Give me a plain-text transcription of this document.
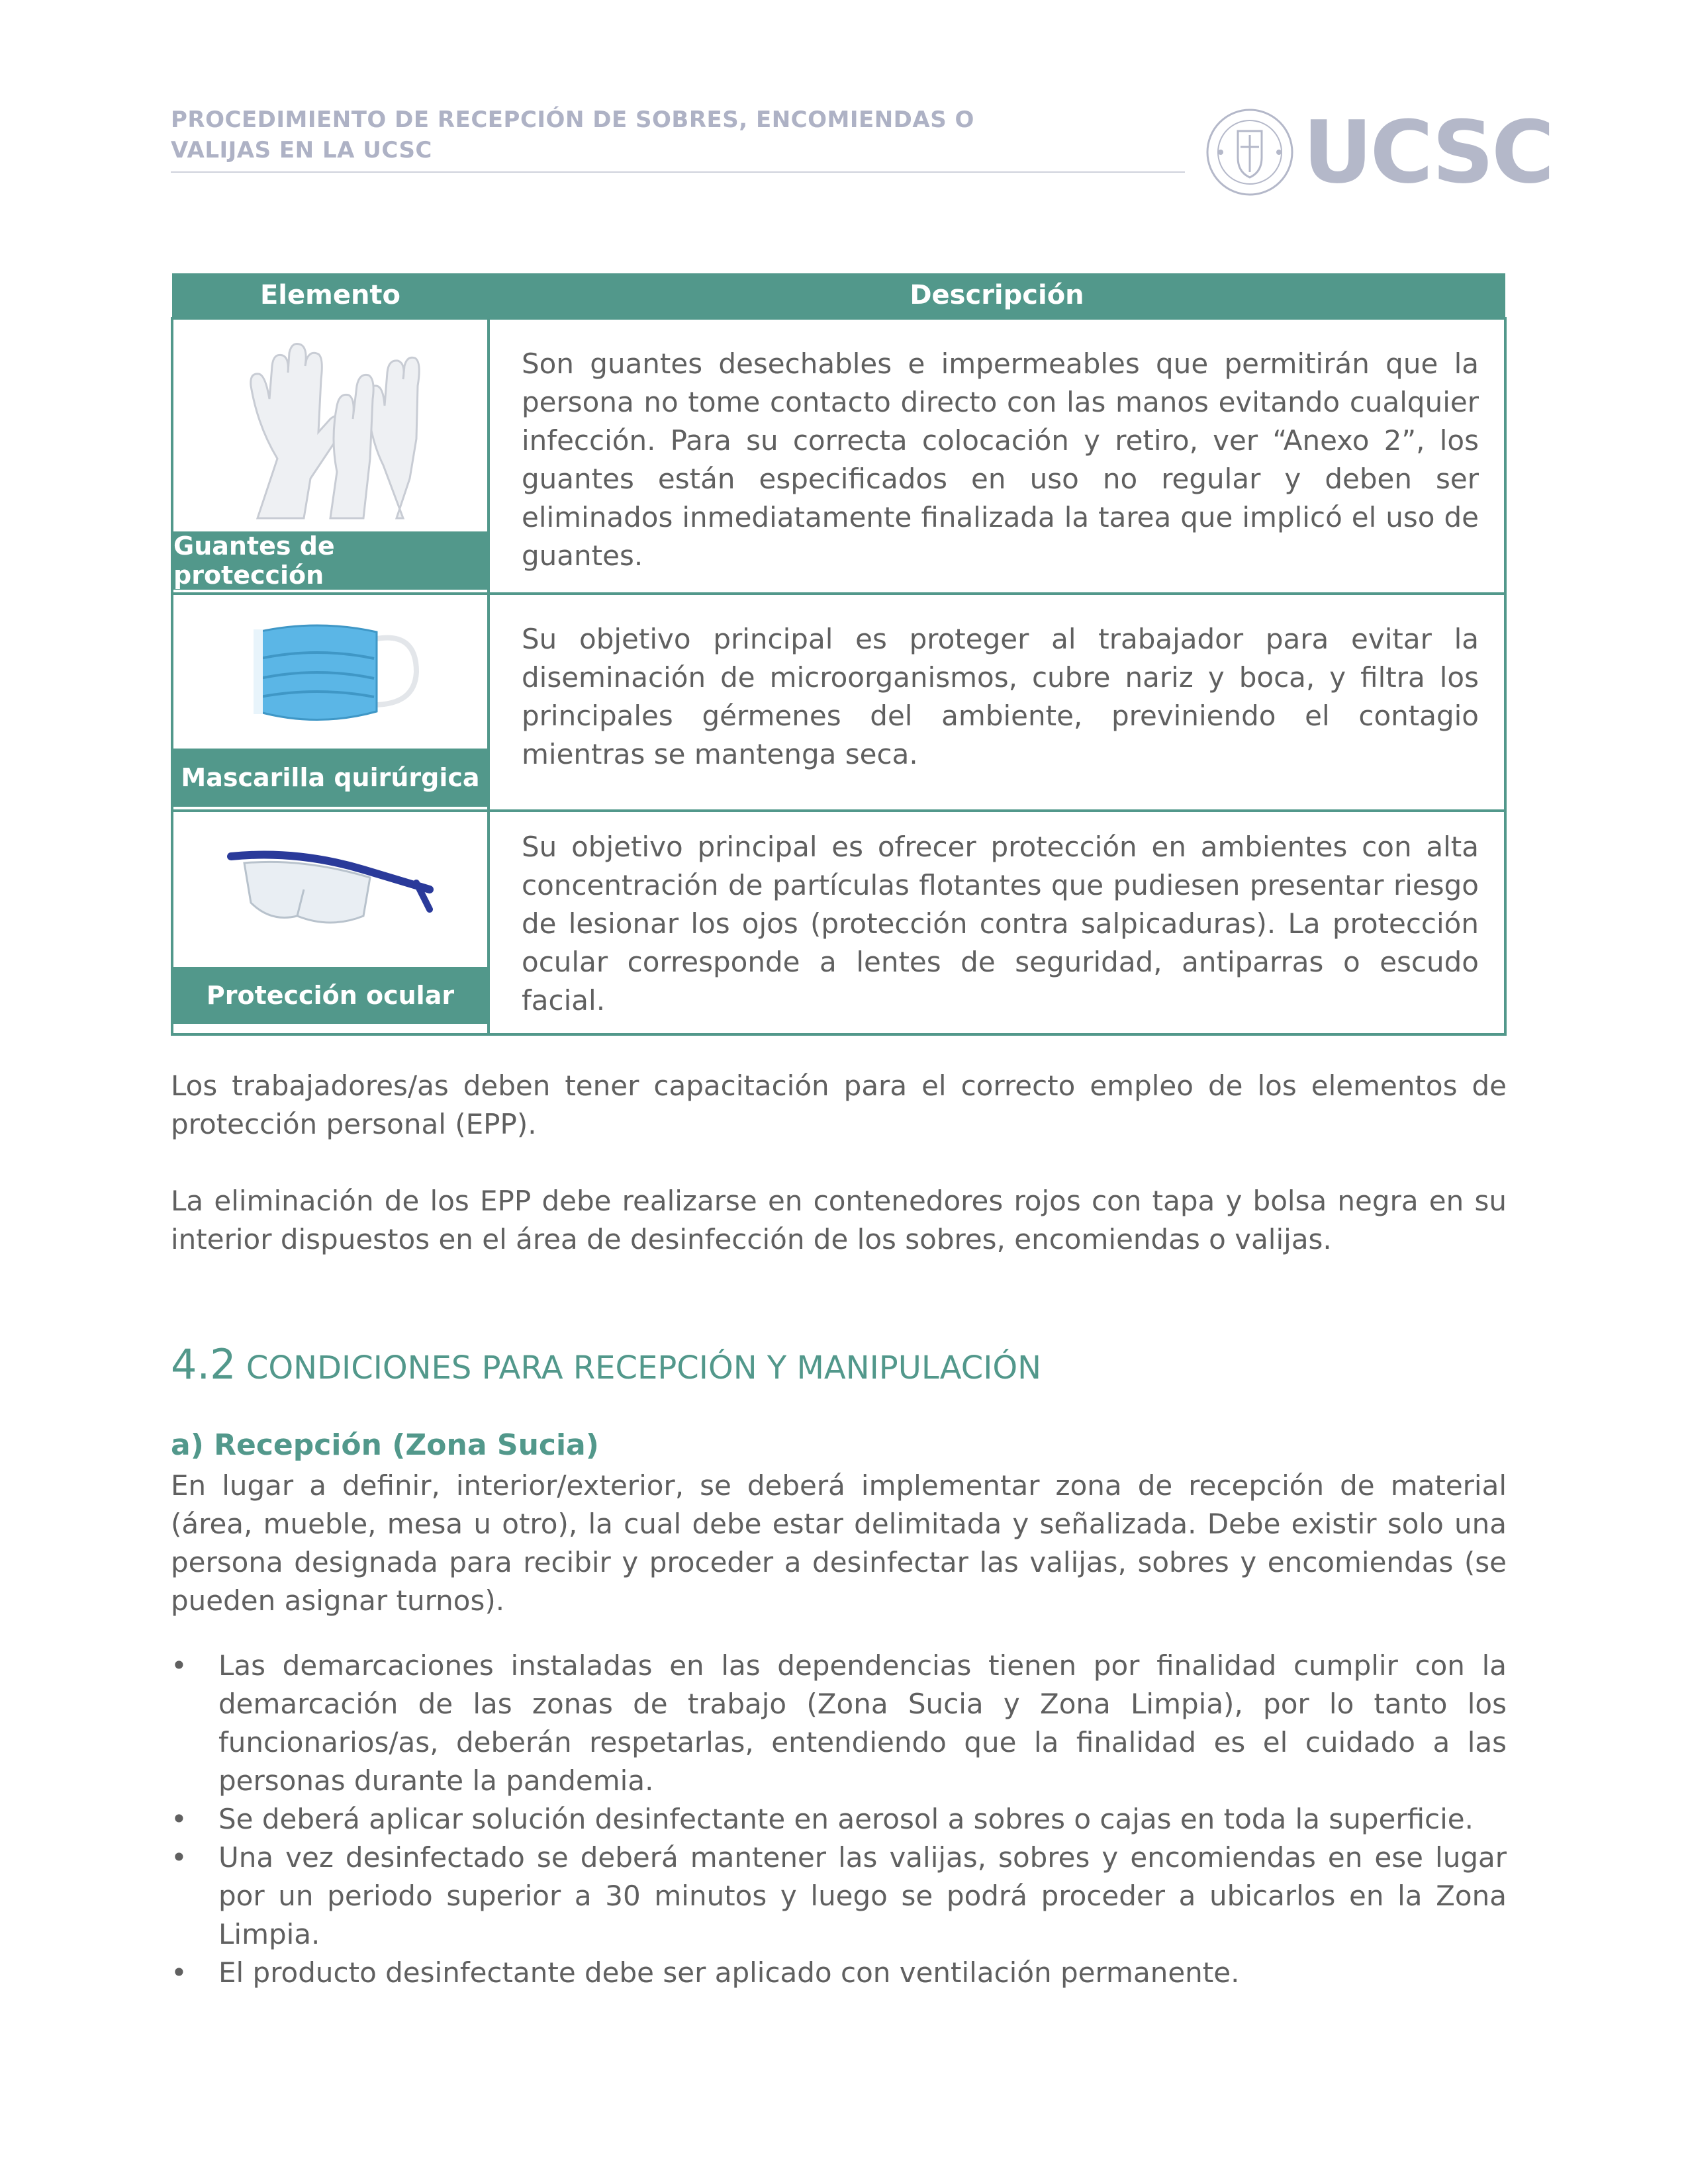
PROCEDIMIENTO DE RECEPCIÓN DE SOBRES, ENCOMIENDAS O
VALIJAS EN LA UCSC	UCSC
Elemento	Descripción

Guantes de protección	Son guantes desechables e impermeables que permitirán que la persona no tome contacto directo con las manos evitando cualquier infección. Para su correcta colocación y retiro, ver “Anexo 2”, los guantes están especificados en uso no regular y deben ser eliminados inmediatamente finalizada la tarea que implicó el uso de guantes.

Mascarilla quirúrgica	Su objetivo principal es proteger al trabajador para evitar la diseminación de microorganismos, cubre nariz y boca, y filtra los principales gérmenes del ambiente, previniendo el contagio mientras se mantenga seca.

Protección ocular	Su objetivo principal es ofrecer protección en ambientes con alta concentración de partículas flotantes que pudiesen presentar riesgo de lesionar los ojos (protección contra salpicaduras). La protección ocular corresponde a lentes de seguridad, antiparras o escudo facial.
Los trabajadores/as deben tener capacitación para el correcto empleo de los elementos de protección personal (EPP).
La eliminación de los EPP debe realizarse en contenedores rojos con tapa y bolsa negra en su interior dispuestos en el área de desinfección de los sobres, encomiendas o valijas.
4.2 CONDICIONES PARA RECEPCIÓN Y MANIPULACIÓN
a) Recepción (Zona Sucia)
En lugar a definir, interior/exterior, se deberá implementar zona de recepción de material (área, mueble, mesa u otro), la cual debe estar delimitada y señalizada. Debe existir solo una persona designada para recibir y proceder a desinfectar las valijas, sobres y encomiendas (se pueden asignar turnos).
• Las demarcaciones instaladas en las dependencias tienen por finalidad cumplir con la demarcación de las zonas de trabajo (Zona Sucia y Zona Limpia), por lo tanto los funcionarios/as, deberán respetarlas, entendiendo que la finalidad es el cuidado a las personas durante la pandemia.
• Se deberá aplicar solución desinfectante en aerosol a sobres o cajas en toda la superficie.
• Una vez desinfectado se deberá mantener las valijas, sobres y encomiendas en ese lugar por un periodo superior a 30 minutos y luego se podrá proceder a ubicarlos en la Zona Limpia.
• El producto desinfectante debe ser aplicado con ventilación permanente.
